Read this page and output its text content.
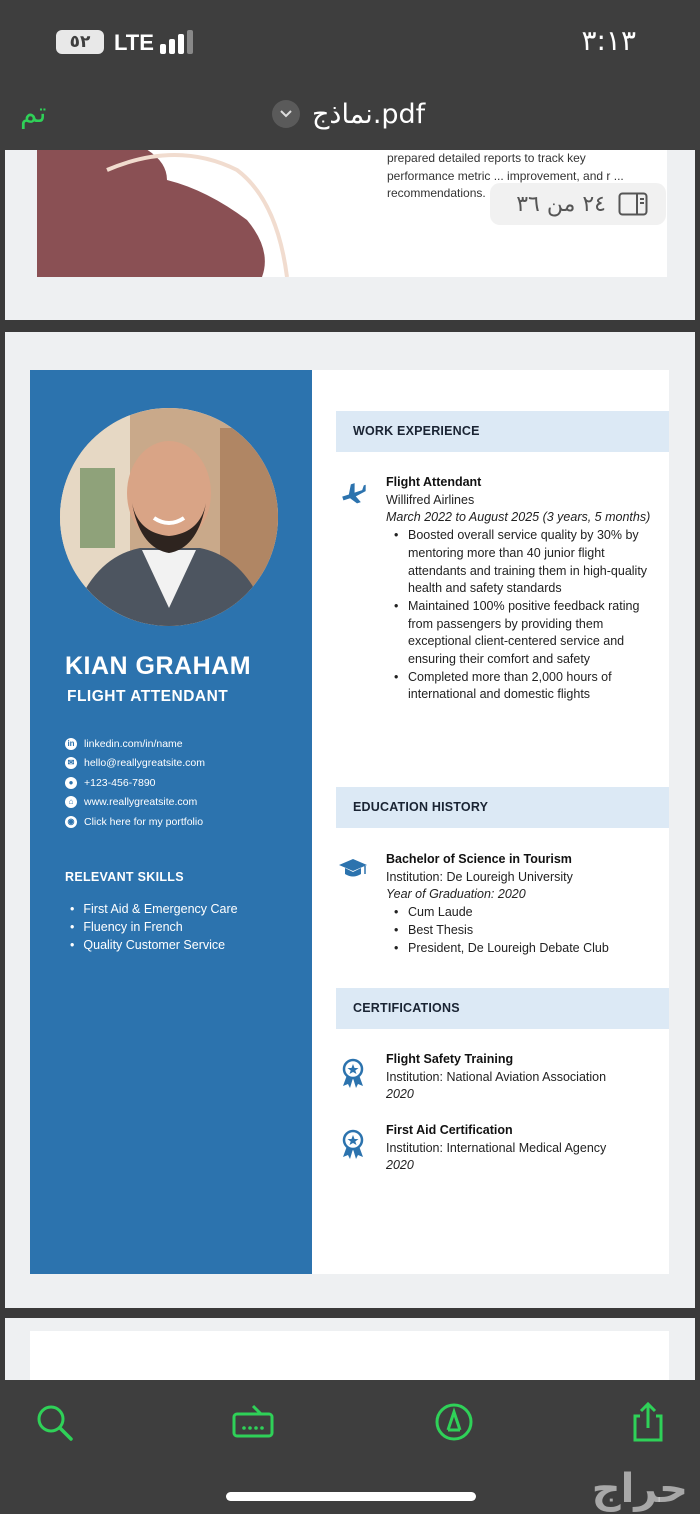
٥٢	LTE	٣:١٣
تم	نماذج.pdf
prepared detailed reports to track key performance metric ... improvement, and r ... recommendations.	٢٤ من ٣٦
KIAN GRAHAM
FLIGHT ATTENDANT
in linkedin.com/in/name
✉ hello@reallygreatsite.com
●	+123-456-7890
⌂	www.reallygreatsite.com
◉ Click here for my portfolio
RELEVANT SKILLS
• First Aid & Emergency Care
• Fluency in French
• Quality Customer Service
WORK EXPERIENCE
Flight Attendant
Willifred Airlines
March 2022 to August 2025 (3 years, 5 months)
• Boosted overall service quality by 30% by mentoring more than 40 junior flight attendants and training them in high-quality health and safety standards
• Maintained 100% positive feedback rating from passengers by providing them exceptional client-centered service and ensuring their comfort and safety
• Completed more than 2,000 hours of international and domestic flights
EDUCATION HISTORY
Bachelor of Science in Tourism
Institution: De Loureigh University
Year of Graduation: 2020
• Cum Laude
• Best Thesis
• President, De Loureigh Debate Club
CERTIFICATIONS
Flight Safety Training
Institution: National Aviation Association
2020
First Aid Certification
Institution: International Medical Agency
2020
حراج
